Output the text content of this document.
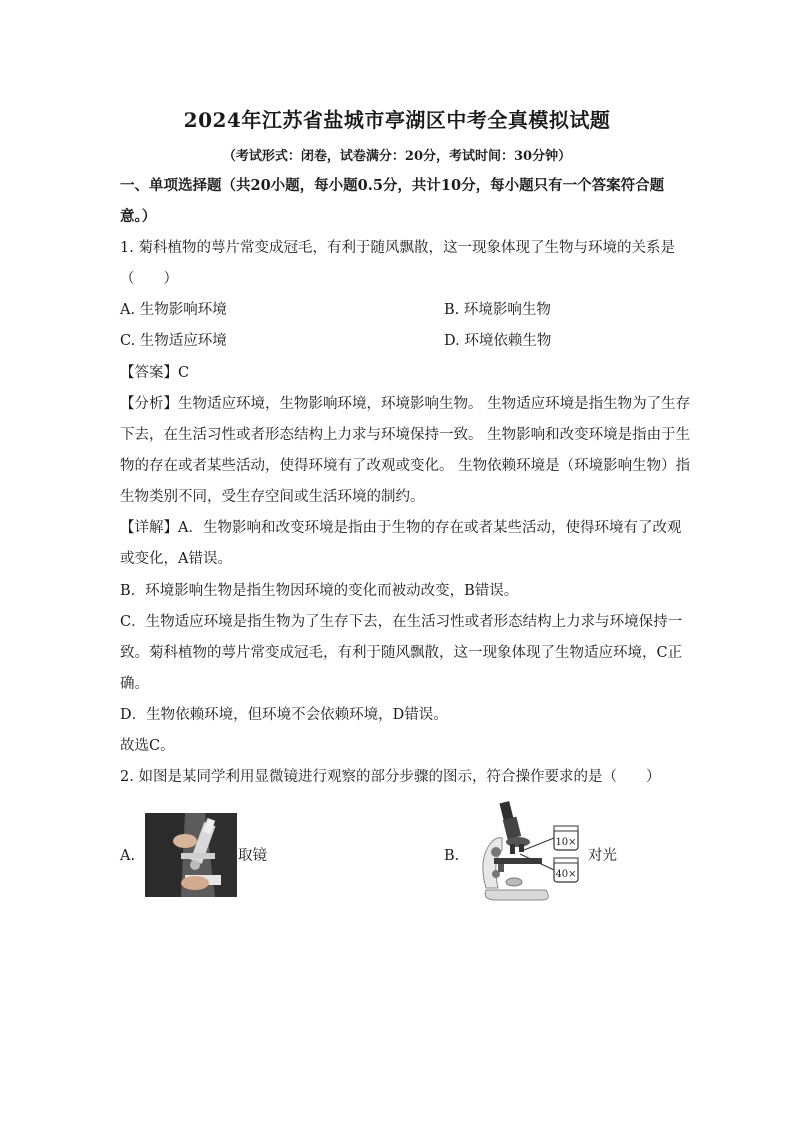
2024年江苏省盐城市亭湖区中考全真模拟试题
（考试形式：闭卷，试卷满分：20分，考试时间：30分钟）
一、单项选择题（共20小题，每小题0.5分，共计10分，每小题只有一个答案符合题
意。）
1. 菊科植物的萼片常变成冠毛，有利于随风飘散，这一现象体现了生物与环境的关系是
（　　）
A. 生物影响环境	B. 环境影响生物
C. 生物适应环境	D. 环境依赖生物
【答案】C
【分析】生物适应环境，生物影响环境，环境影响生物。 生物适应环境是指生物为了生存
下去，在生活习性或者形态结构上力求与环境保持一致。 生物影响和改变环境是指由于生
物的存在或者某些活动，使得环境有了改观或变化。 生物依赖环境是（环境影响生物）指
生物类别不同，受生存空间或生活环境的制约。
【详解】A．生物影响和改变环境是指由于生物的存在或者某些活动，使得环境有了改观
或变化，A错误。
B．环境影响生物是指生物因环境的变化而被动改变，B错误。
C．生物适应环境是指生物为了生存下去，在生活习性或者形态结构上力求与环境保持一
致。菊科植物的萼片常变成冠毛，有利于随风飘散，这一现象体现了生物适应环境，C正
确。
D．生物依赖环境，但环境不会依赖环境，D错误。
故选C。
2. 如图是某同学利用显微镜进行观察的部分步骤的图示，符合操作要求的是（　　）
A.	取镜	B.
10×
40×
对光
